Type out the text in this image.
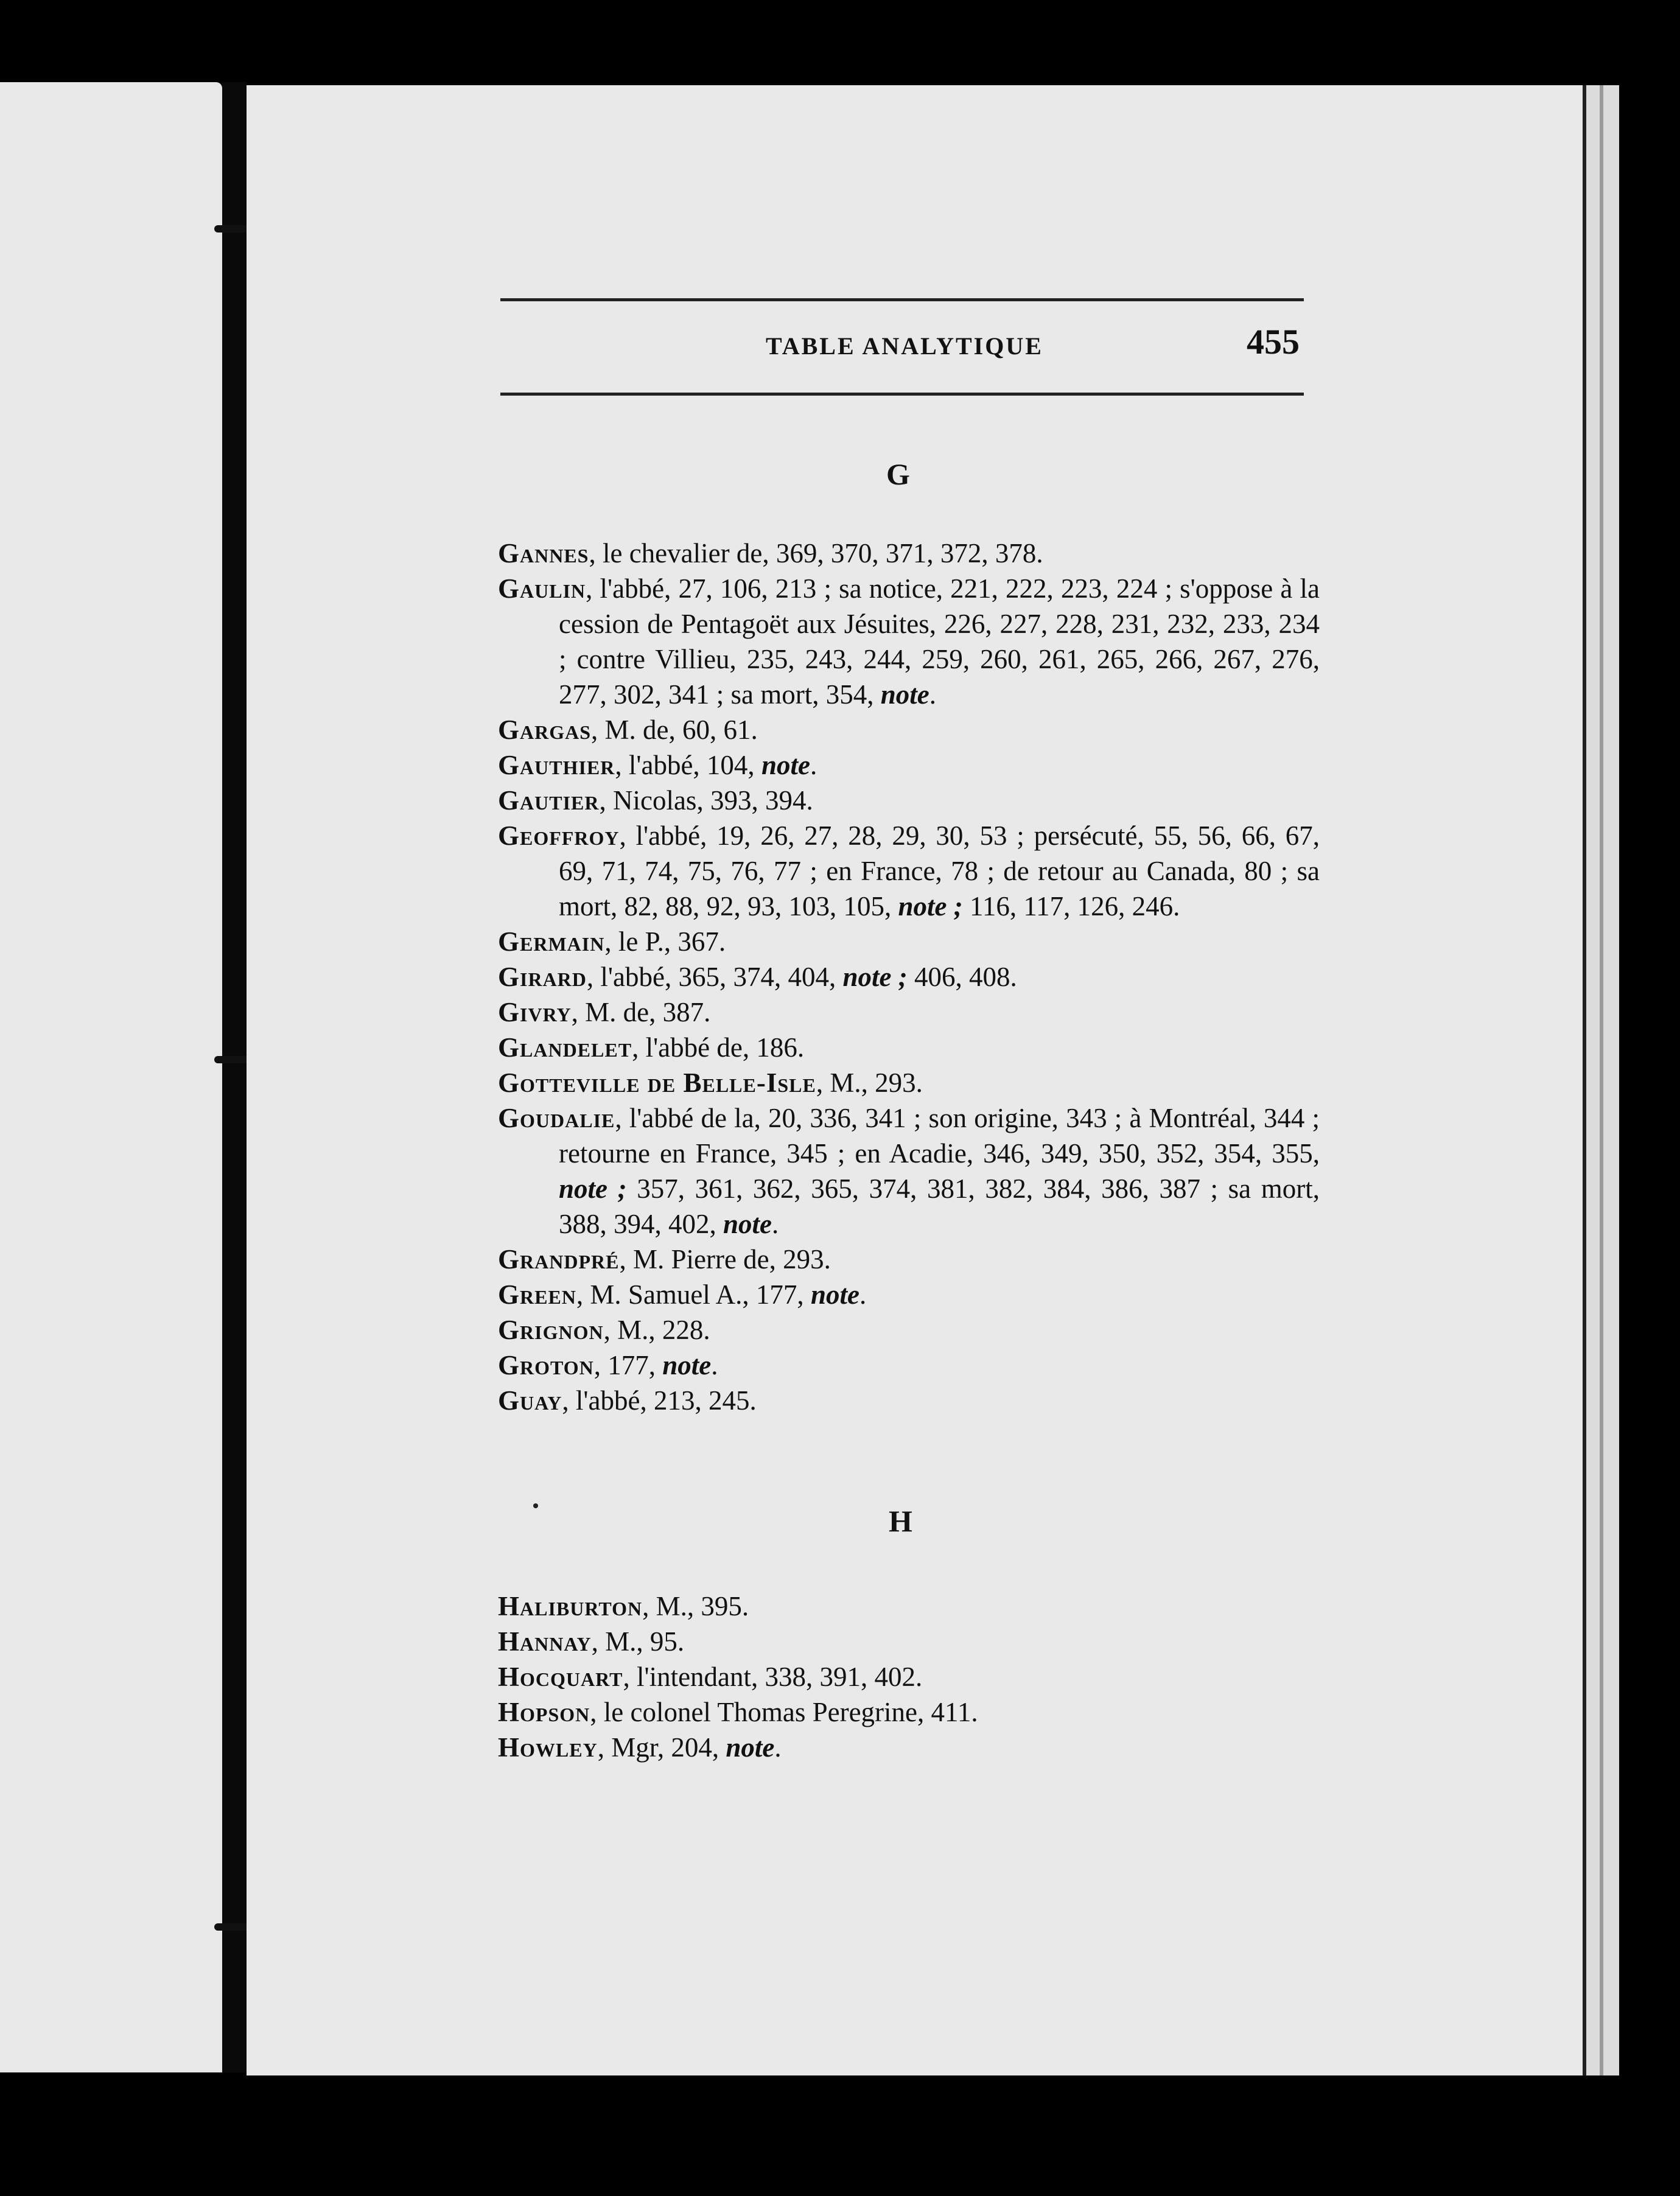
TABLE ANALYTIQUE	455
G
Gannes, le chevalier de, 369, 370, 371, 372, 378.
Gaulin, l'abbé, 27, 106, 213 ; sa notice, 221, 222, 223, 224 ; s'oppose à la cession de Pentagoët aux Jésuites, 226, 227, 228, 231, 232, 233, 234 ; contre Villieu, 235, 243, 244, 259, 260, 261, 265, 266, 267, 276, 277, 302, 341 ; sa mort, 354, note.
Gargas, M. de, 60, 61.
Gauthier, l'abbé, 104, note.
Gautier, Nicolas, 393, 394.
Geoffroy, l'abbé, 19, 26, 27, 28, 29, 30, 53 ; persécuté, 55, 56, 66, 67, 69, 71, 74, 75, 76, 77 ; en France, 78 ; de retour au Canada, 80 ; sa mort, 82, 88, 92, 93, 103, 105, note ; 116, 117, 126, 246.
Germain, le P., 367.
Girard, l'abbé, 365, 374, 404, note ; 406, 408.
Givry, M. de, 387.
Glandelet, l'abbé de, 186.
Gotteville de Belle-Isle, M., 293.
Goudalie, l'abbé de la, 20, 336, 341 ; son origine, 343 ; à Montréal, 344 ; retourne en France, 345 ; en Acadie, 346, 349, 350, 352, 354, 355, note ; 357, 361, 362, 365, 374, 381, 382, 384, 386, 387 ; sa mort, 388, 394, 402, note.
Grandpré, M. Pierre de, 293.
Green, M. Samuel A., 177, note.
Grignon, M., 228.
Groton, 177, note.
Guay, l'abbé, 213, 245.
H
Haliburton, M., 395.
Hannay, M., 95.
Hocquart, l'intendant, 338, 391, 402.
Hopson, le colonel Thomas Peregrine, 411.
Howley, Mgr, 204, note.
